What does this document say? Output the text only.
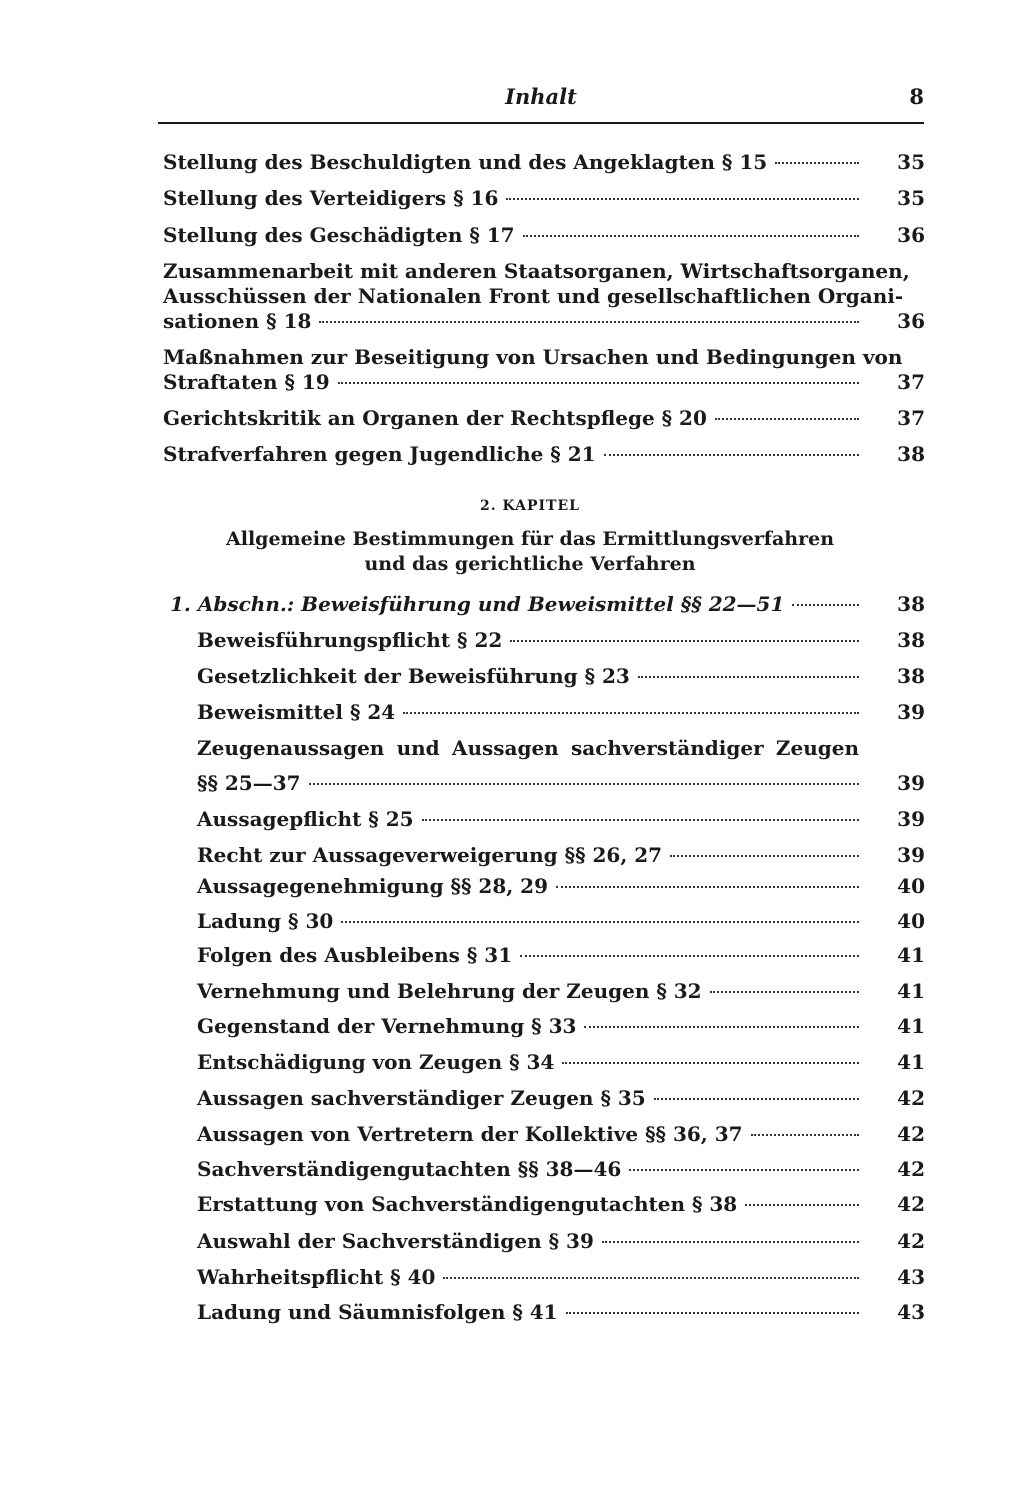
Inhalt	8
Stellung des Beschuldigten und des Angeklagten § 15	35
Stellung des Verteidigers § 16	35
Stellung des Geschädigten § 17	36
Zusammenarbeit mit anderen Staatsorganen, Wirtschaftsorganen,
Ausschüssen der Nationalen Front und gesellschaftlichen Organi-
sationen § 18	36
Maßnahmen zur Beseitigung von Ursachen und Bedingungen von
Straftaten § 19	37
Gerichtskritik an Organen der Rechtspflege § 20	37
Strafverfahren gegen Jugendliche § 21	38
2. KAPITEL
Allgemeine Bestimmungen für das Ermittlungsverfahren
und das gerichtliche Verfahren
1. Abschn.: Beweisführung und Beweismittel §§ 22—51	38
Beweisführungspflicht § 22	38
Gesetzlichkeit der Beweisführung § 23	38
Beweismittel § 24	39
Zeugenaussagen und Aussagen sachverständiger Zeugen
§§ 25—37	39
Aussagepflicht § 25	39
Recht zur Aussageverweigerung §§ 26, 27	39
Aussagegenehmigung §§ 28, 29	40
Ladung § 30	40
Folgen des Ausbleibens § 31	41
Vernehmung und Belehrung der Zeugen § 32	41
Gegenstand der Vernehmung § 33	41
Entschädigung von Zeugen § 34	41
Aussagen sachverständiger Zeugen § 35	42
Aussagen von Vertretern der Kollektive §§ 36, 37	42
Sachverständigengutachten §§ 38—46	42
Erstattung von Sachverständigengutachten § 38	42
Auswahl der Sachverständigen § 39	42
Wahrheitspflicht § 40	43
Ladung und Säumnisfolgen § 41	43
